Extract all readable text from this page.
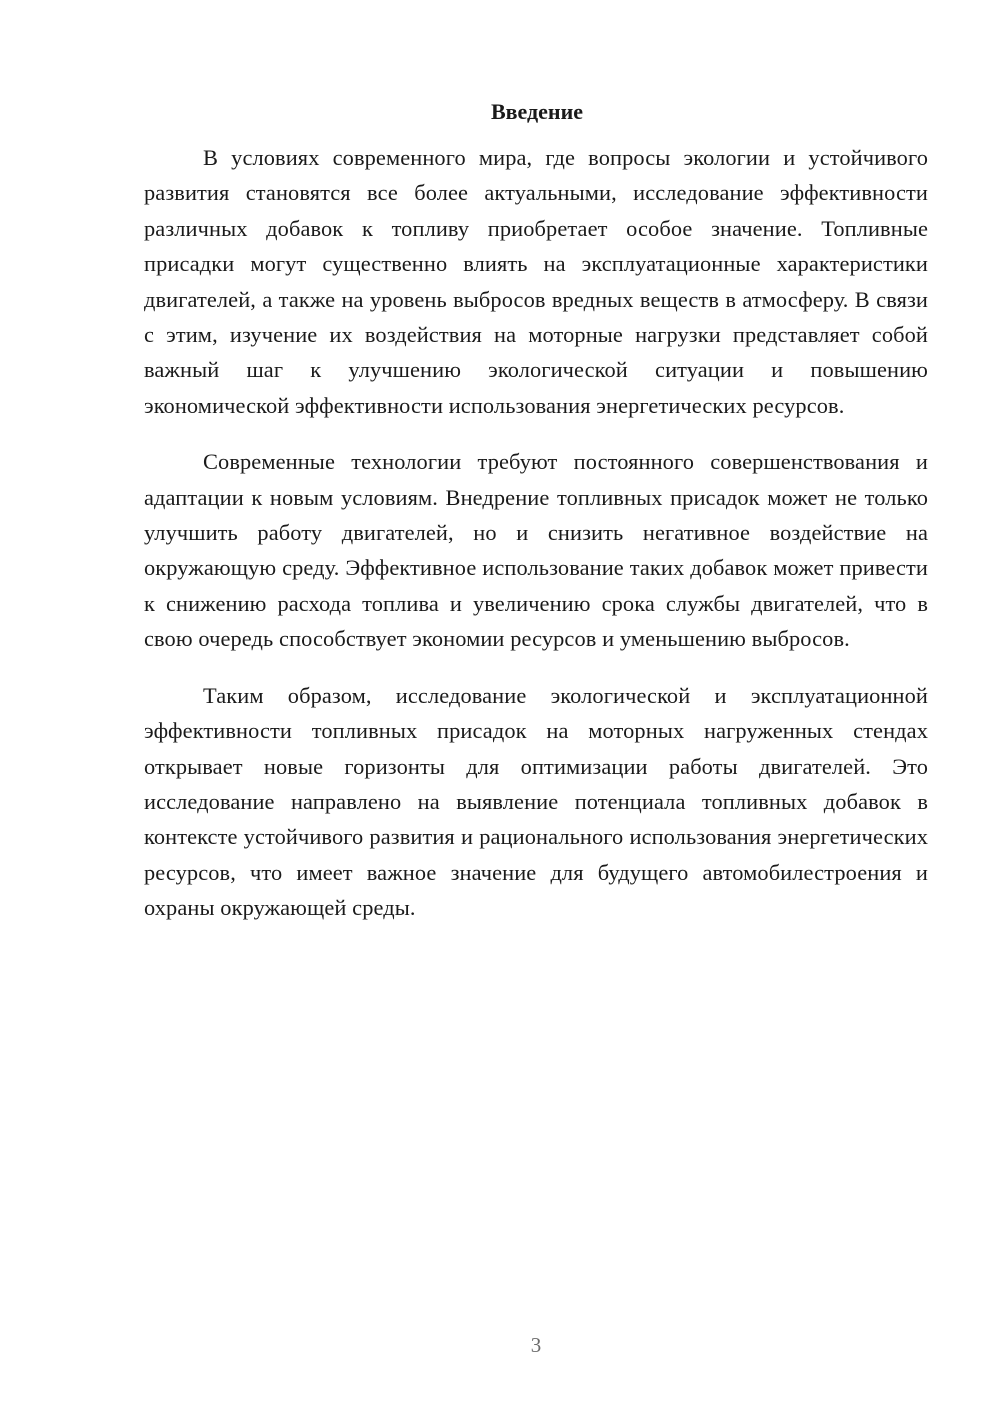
Введение

В условиях современного мира, где вопросы экологии и устойчивого развития становятся все более актуальными, исследование эффективности различных добавок к топливу приобретает особое значение. Топливные присадки могут существенно влиять на эксплуатационные характеристики двигателей, а также на уровень выбросов вредных веществ в атмосферу. В связи с этим, изучение их воздействия на моторные нагрузки представляет собой важный шаг к улучшению экологической ситуации и повышению экономической эффективности использования энергетических ресурсов.

Современные технологии требуют постоянного совершенствования и адаптации к новым условиям. Внедрение топливных присадок может не только улучшить работу двигателей, но и снизить негативное воздействие на окружающую среду. Эффективное использование таких добавок может привести к снижению расхода топлива и увеличению срока службы двигателей, что в свою очередь способствует экономии ресурсов и уменьшению выбросов.

Таким образом, исследование экологической и эксплуатационной эффективности топливных присадок на моторных нагруженных стендах открывает новые горизонты для оптимизации работы двигателей. Это исследование направлено на выявление потенциала топливных добавок в контексте устойчивого развития и рационального использования энергетических ресурсов, что имеет важное значение для будущего автомобилестроения и охраны окружающей среды.

3
